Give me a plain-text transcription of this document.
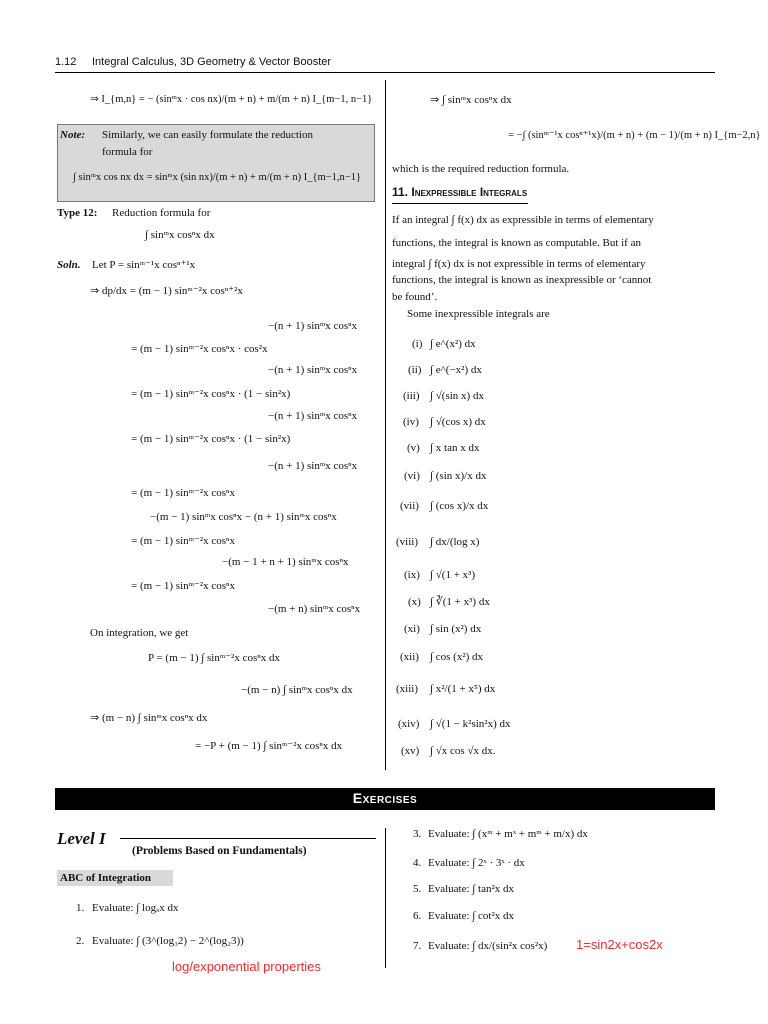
1.12 Integral Calculus, 3D Geometry & Vector Booster
⇒ I_{m,n} = − (sinᵐx · cos nx)/(m + n) + m/(m + n) I_{m−1, n−1}
Note: Similarly, we can easily formulate the reduction
formula for
∫ sinᵐx cos nx dx = sinᵐx (sin nx)/(m + n) + m/(m + n) I_{m−1,n−1}
Type 12: Reduction formula for
∫ sinᵐx cosⁿx dx
Soln. Let P = sinᵐ⁻¹x cosⁿ⁺¹x
⇒ dp/dx = (m − 1) sinᵐ⁻²x cosⁿ⁺²x
−(n + 1) sinᵐx cosⁿx
= (m − 1) sinᵐ⁻²x cosⁿx · cos²x
−(n + 1) sinᵐx cosⁿx
= (m − 1) sinᵐ⁻²x cosⁿx · (1 − sin²x)
−(n + 1) sinᵐx cosⁿx
= (m − 1) sinᵐ⁻²x cosⁿx · (1 − sin²x)
−(n + 1) sinᵐx cosⁿx
= (m − 1) sinᵐ⁻²x cosⁿx
−(m − 1) sinᵐx cosⁿx − (n + 1) sinᵐx cosⁿx
= (m − 1) sinᵐ⁻²x cosⁿx
−(m − 1 + n + 1) sinᵐx cosⁿx
= (m − 1) sinᵐ⁻²x cosⁿx
−(m + n) sinᵐx cosⁿx
On integration, we get
P = (m − 1) ∫ sinᵐ⁻²x cosⁿx dx
−(m − n) ∫ sinᵐx cosⁿx dx
⇒ (m − n) ∫ sinᵐx cosⁿx dx
= −P + (m − 1) ∫ sinᵐ⁻²x cosⁿx dx
⇒ ∫ sinᵐx cosⁿx dx
= −∫ (sinᵐ⁻¹x cosⁿ⁺¹x)/(m + n) + (m − 1)/(m + n) I_{m−2,n}
which is the required reduction formula.
11. Inexpressible Integrals
If an integral ∫ f(x) dx as expressible in terms of elementary
functions, the integral is known as computable. But if an
integral ∫ f(x) dx is not expressible in terms of elementary
functions, the integral is known as inexpressible or ‘cannot
be found’.
Some inexpressible integrals are
(i) ∫ e^(x²) dx
(ii) ∫ e^(−x²) dx
(iii) ∫ √(sin x) dx
(iv) ∫ √(cos x) dx
(v) ∫ x tan x dx
(vi) ∫ (sin x)/x dx
(vii) ∫ (cos x)/x dx
(viii) ∫ dx/(log x)
(ix) ∫ √(1 + x³)
(x) ∫ ∛(1 + x³) dx
(xi) ∫ sin (x²) dx
(xii) ∫ cos (x²) dx
(xiii) ∫ x²/(1 + x⁵) dx
(xiv) ∫ √(1 − k²sin²x) dx
(xv) ∫ √x cos √x dx.
Exercises
Level I
(Problems Based on Fundamentals)
ABC of Integration
1. Evaluate: ∫ logₓx dx
2. Evaluate: ∫ (3^(log₃2) − 2^(log₂3))
log/exponential properties
3. Evaluate: ∫ (xᵐ + mˣ + mᵐ + m/x) dx
4. Evaluate: ∫ 2ˣ · 3ˣ · dx
5. Evaluate: ∫ tan²x dx
6. Evaluate: ∫ cot²x dx
7. Evaluate: ∫ dx/(sin²x cos²x) 1=sin2x+cos2x
